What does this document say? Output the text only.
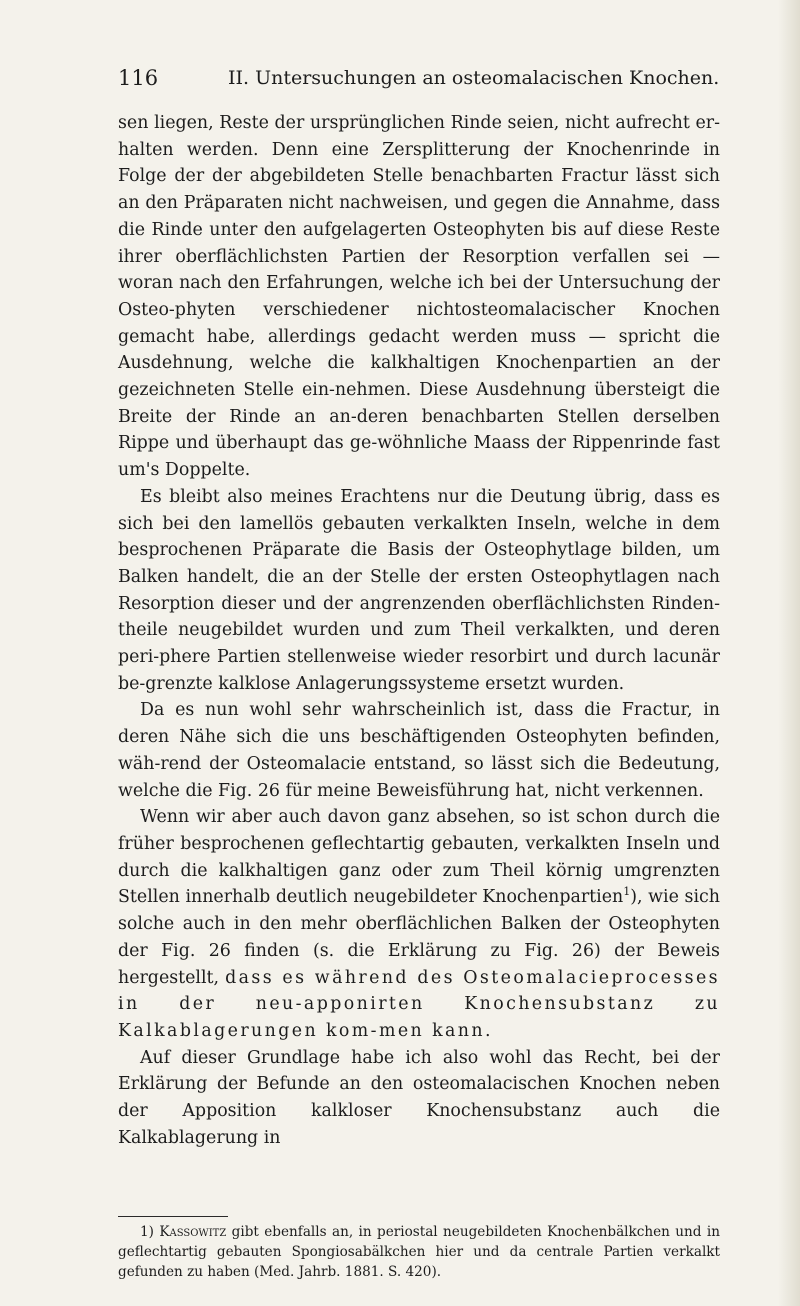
116	II. Untersuchungen an osteomalacischen Knochen.

sen liegen, Reste der ursprünglichen Rinde seien, nicht aufrecht er-halten werden. Denn eine Zersplitterung der Knochenrinde in Folge der der abgebildeten Stelle benachbarten Fractur lässt sich an den Präparaten nicht nachweisen, und gegen die Annahme, dass die Rinde unter den aufgelagerten Osteophyten bis auf diese Reste ihrer oberflächlichsten Partien der Resorption verfallen sei — woran nach den Erfahrungen, welche ich bei der Untersuchung der Osteo-phyten verschiedener nichtosteomalacischer Knochen gemacht habe, allerdings gedacht werden muss — spricht die Ausdehnung, welche die kalkhaltigen Knochenpartien an der gezeichneten Stelle ein-nehmen. Diese Ausdehnung übersteigt die Breite der Rinde an an-deren benachbarten Stellen derselben Rippe und überhaupt das ge-wöhnliche Maass der Rippenrinde fast um's Doppelte.

Es bleibt also meines Erachtens nur die Deutung übrig, dass es sich bei den lamellös gebauten verkalkten Inseln, welche in dem besprochenen Präparate die Basis der Osteophytlage bilden, um Balken handelt, die an der Stelle der ersten Osteophytlagen nach Resorption dieser und der angrenzenden oberflächlichsten Rinden-theile neugebildet wurden und zum Theil verkalkten, und deren peri-phere Partien stellenweise wieder resorbirt und durch lacunär be-grenzte kalklose Anlagerungssysteme ersetzt wurden.

Da es nun wohl sehr wahrscheinlich ist, dass die Fractur, in deren Nähe sich die uns beschäftigenden Osteophyten befinden, wäh-rend der Osteomalacie entstand, so lässt sich die Bedeutung, welche die Fig. 26 für meine Beweisführung hat, nicht verkennen.

Wenn wir aber auch davon ganz absehen, so ist schon durch die früher besprochenen geflechtartig gebauten, verkalkten Inseln und durch die kalkhaltigen ganz oder zum Theil körnig umgrenzten Stellen innerhalb deutlich neugebildeter Knochenpartien$^1$), wie sich solche auch in den mehr oberflächlichen Balken der Osteophyten der Fig. 26 finden (s. die Erklärung zu Fig. 26) der Beweis hergestellt, dass es während des Osteomalacieprocesses in der neu-apponirten Knochensubstanz zu Kalkablagerungen kom-men kann.

Auf dieser Grundlage habe ich also wohl das Recht, bei der Erklärung der Befunde an den osteomalacischen Knochen neben der Apposition kalkloser Knochensubstanz auch die Kalkablagerung in

1) Kassowitz gibt ebenfalls an, in periostal neugebildeten Knochenbälkchen und in geflechtartig gebauten Spongiosabälkchen hier und da centrale Partien verkalkt gefunden zu haben (Med. Jahrb. 1881. S. 420).
